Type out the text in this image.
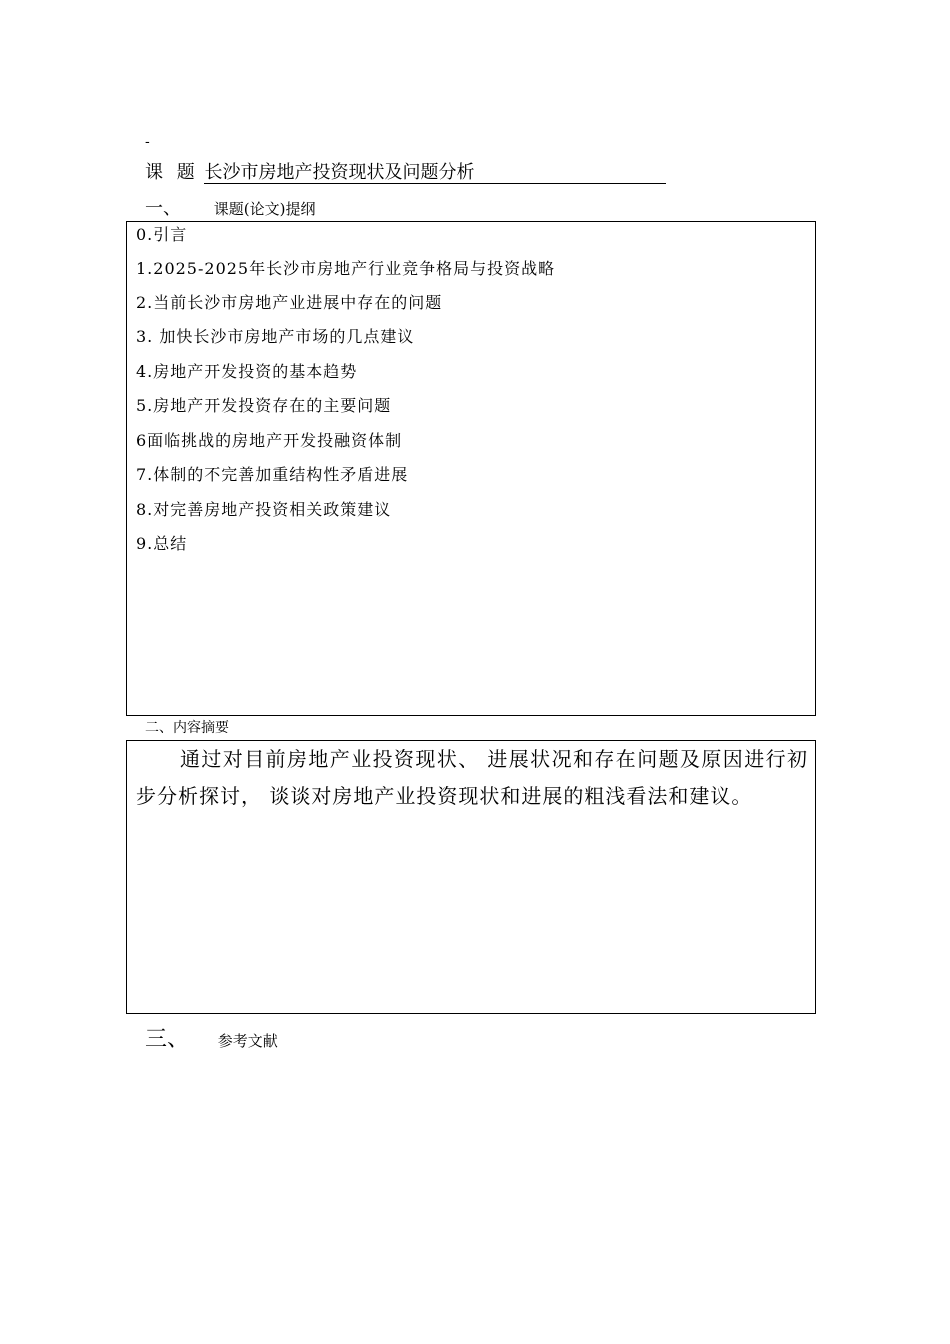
-
课 题 长沙市房地产投资现状及问题分析
一、 课题(论文)提纲
0.引言
1.2025-2025年长沙市房地产行业竞争格局与投资战略
2.当前长沙市房地产业进展中存在的问题
3. 加快长沙市房地产市场的几点建议
4.房地产开发投资的基本趋势
5.房地产开发投资存在的主要问题
6面临挑战的房地产开发投融资体制
7.体制的不完善加重结构性矛盾进展
8.对完善房地产投资相关政策建议
9.总结
二、内容摘要
通过对目前房地产业投资现状、 进展状况和存在问题及原因进行初步分析探讨， 谈谈对房地产业投资现状和进展的粗浅看法和建议。
三、 参考文献
